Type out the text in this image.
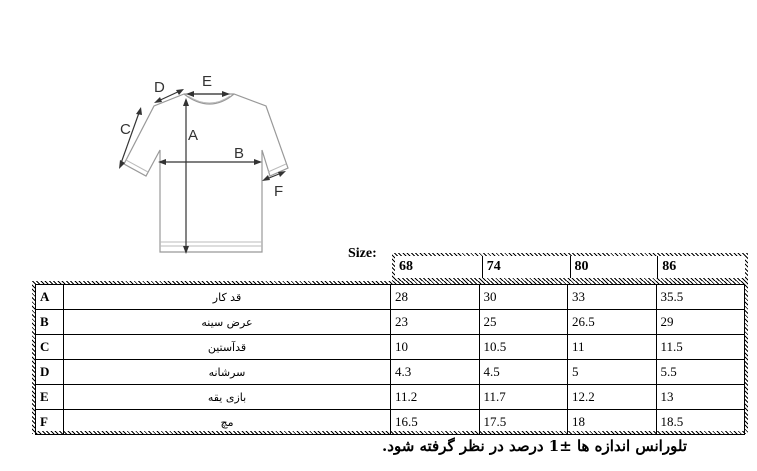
A
B
C
D E
F
Size:
68	74	80	86
A	قد کار	28	30	33	35.5
B	عرض سینه	23	25	26.5	29
C	قدآستین	10	10.5	11	11.5
D	سرشانه	4.3	4.5	5	5.5
E	بازی یقه	11.2	11.7	12.2	13
F	مچ	16.5	17.5	18	18.5
تلورانس اندازه ها ±1 درصد در نظر گرفته شود.
